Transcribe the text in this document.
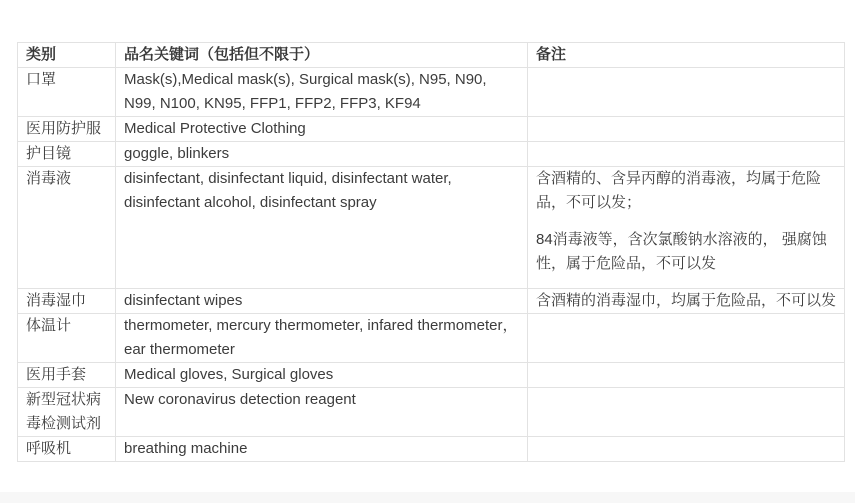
类别	品名关键词（包括但不限于）	备注
口罩	Mask(s),Medical mask(s), Surgical mask(s), N95, N90, N99, N100, KN95, FFP1, FFP2, FFP3, KF94	
医用防护服	Medical Protective Clothing	
护目镜	goggle, blinkers	
消毒液	disinfectant, disinfectant liquid, disinfectant water, disinfectant alcohol, disinfectant spray	含酒精的、含异丙醇的消毒液，均属于危险品，不可以发；
84消毒液等，含次氯酸钠水溶液的， 强腐蚀性，属于危险品，不可以发

消毒湿巾	disinfectant wipes	含酒精的消毒湿巾，均属于危险品，不可以发

体温计	thermometer, mercury thermometer, infared thermometer， ear thermometer	
医用手套	Medical gloves, Surgical gloves	
新型冠状病毒检测试剂	New coronavirus detection reagent	
呼吸机	breathing machine	
